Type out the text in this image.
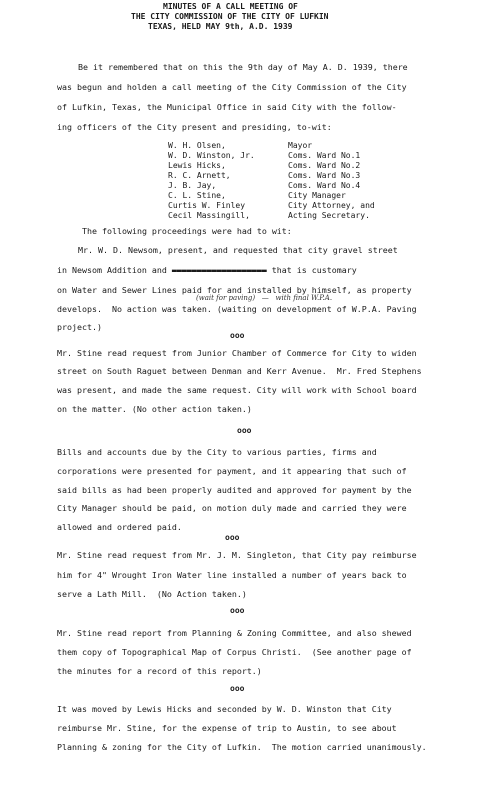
MINUTES OF A CALL MEETING OF
THE CITY COMMISSION OF THE CITY OF LUFKIN
TEXAS, HELD MAY 9th, A.D. 1939
Be it remembered that on this the 9th day of May A. D. 1939, there
was begun and holden a call meeting of the City Commission of the City
of Lufkin, Texas, the Municipal Office in said City with the follow-
ing officers of the City present and presiding, to-wit:
W. H. Olsen,	Mayor
W. D. Winston, Jr.	Coms. Ward No.1
Lewis Hicks,	Coms. Ward No.2
R. C. Arnett,	Coms. Ward No.3
J. B. Jay,	Coms. Ward No.4
C. L. Stine,	City Manager
Curtis W. Finley	City Attorney, and
Cecil Massingill,	Acting Secretary.
The following proceedings were had to wit:
Mr. W. D. Newsom, present, and requested that city gravel street
in Newsom Addition and ▬▬▬▬▬▬▬▬▬▬▬▬▬▬▬▬▬▬▬ that is customary
on Water and Sewer Lines paid for and installed by himself, as property
(wait for paving)   —   with final W.P.A.
develops.  No action was taken. (waiting on development of W.P.A. Paving
project.)
ooo
Mr. Stine read request from Junior Chamber of Commerce for City to widen
street on South Raguet between Denman and Kerr Avenue.  Mr. Fred Stephens
was present, and made the same request. City will work with School board
on the matter. (No other action taken.)
ooo
Bills and accounts due by the City to various parties, firms and
corporations were presented for payment, and it appearing that such of
said bills as had been properly audited and approved for payment by the
City Manager should be paid, on motion duly made and carried they were
allowed and ordered paid.
ooo
Mr. Stine read request from Mr. J. M. Singleton, that City pay reimburse
him for 4" Wrought Iron Water line installed a number of years back to
serve a Lath Mill.  (No Action taken.)
ooo
Mr. Stine read report from Planning & Zoning Committee, and also shewed
them copy of Topographical Map of Corpus Christi.  (See another page of
the minutes for a record of this report.)
ooo
It was moved by Lewis Hicks and seconded by W. D. Winston that City
reimburse Mr. Stine, for the expense of trip to Austin, to see about
Planning & zoning for the City of Lufkin.  The motion carried unanimously.
